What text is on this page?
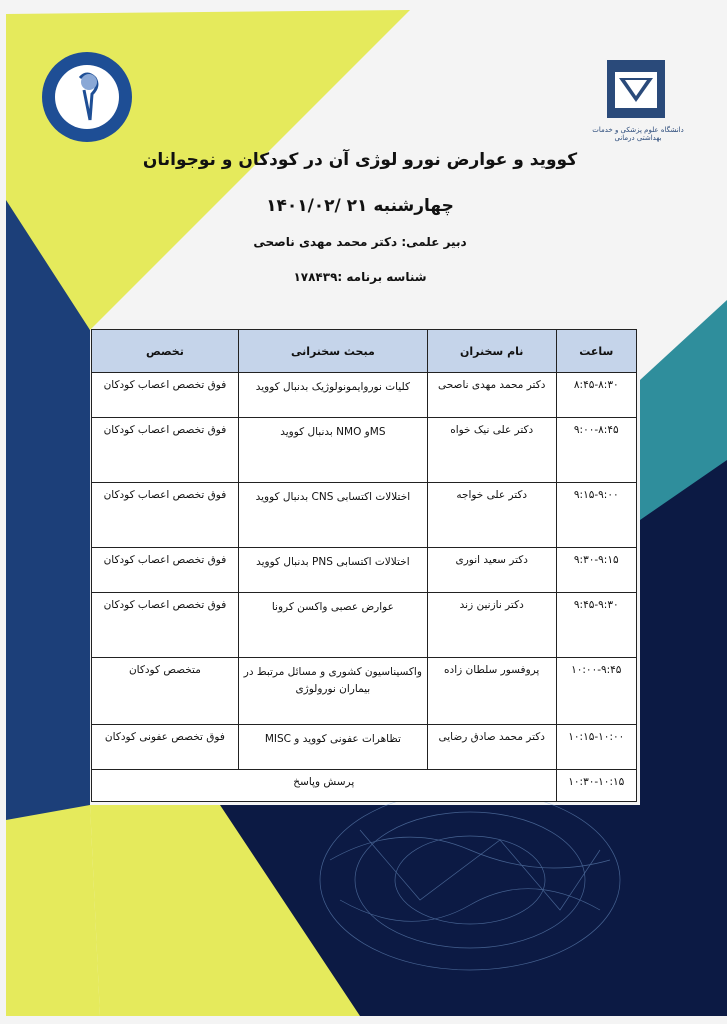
دانشگاه علوم پزشکی و خدمات بهداشتی درمانی
کووید و عوارض نورو لوژی آن در کودکان و نوجوانان
چهارشنبه ۲۱ /۱۴۰۱/۰۲
دبیر علمی: دکتر محمد مهدی ناصحی
شناسه برنامه :۱۷۸۴۳۹
ساعت	نام سخنران	مبحث سخنرانی	تخصص
۸:۴۵-۸:۳۰	دکتر محمد مهدی ناصحی	کلیات نوروایمونولوژیک بدنبال کووید	فوق تخصص اعصاب کودکان
۹:۰۰-۸:۴۵	دکتر علی نیک خواه	MSو NMO بدنبال کووید	فوق تخصص اعصاب کودکان
۹:۱۵-۹:۰۰	دکتر علی خواجه	اختلالات اکتسابی CNS بدنبال کووید	فوق تخصص اعصاب کودکان
۹:۳۰-۹:۱۵	دکتر سعید انوری	اختلالات اکتسابی PNS بدنبال کووید	فوق تخصص اعصاب کودکان
۹:۴۵-۹:۳۰	دکتر نازنین زند	عوارض عصبی واکسن کرونا	فوق تخصص اعصاب کودکان
۱۰:۰۰-۹:۴۵	پروفسور سلطان زاده	واکسیناسیون کشوری و مسائل مرتبط در بیماران نورولوژی	متخصص کودکان
۱۰:۱۵-۱۰:۰۰	دکتر محمد صادق رضایی	تظاهرات عفونی کووید و MISC	فوق تخصص عفونی کودکان
۱۰:۳۰-۱۰:۱۵	پرسش وپاسخ		
